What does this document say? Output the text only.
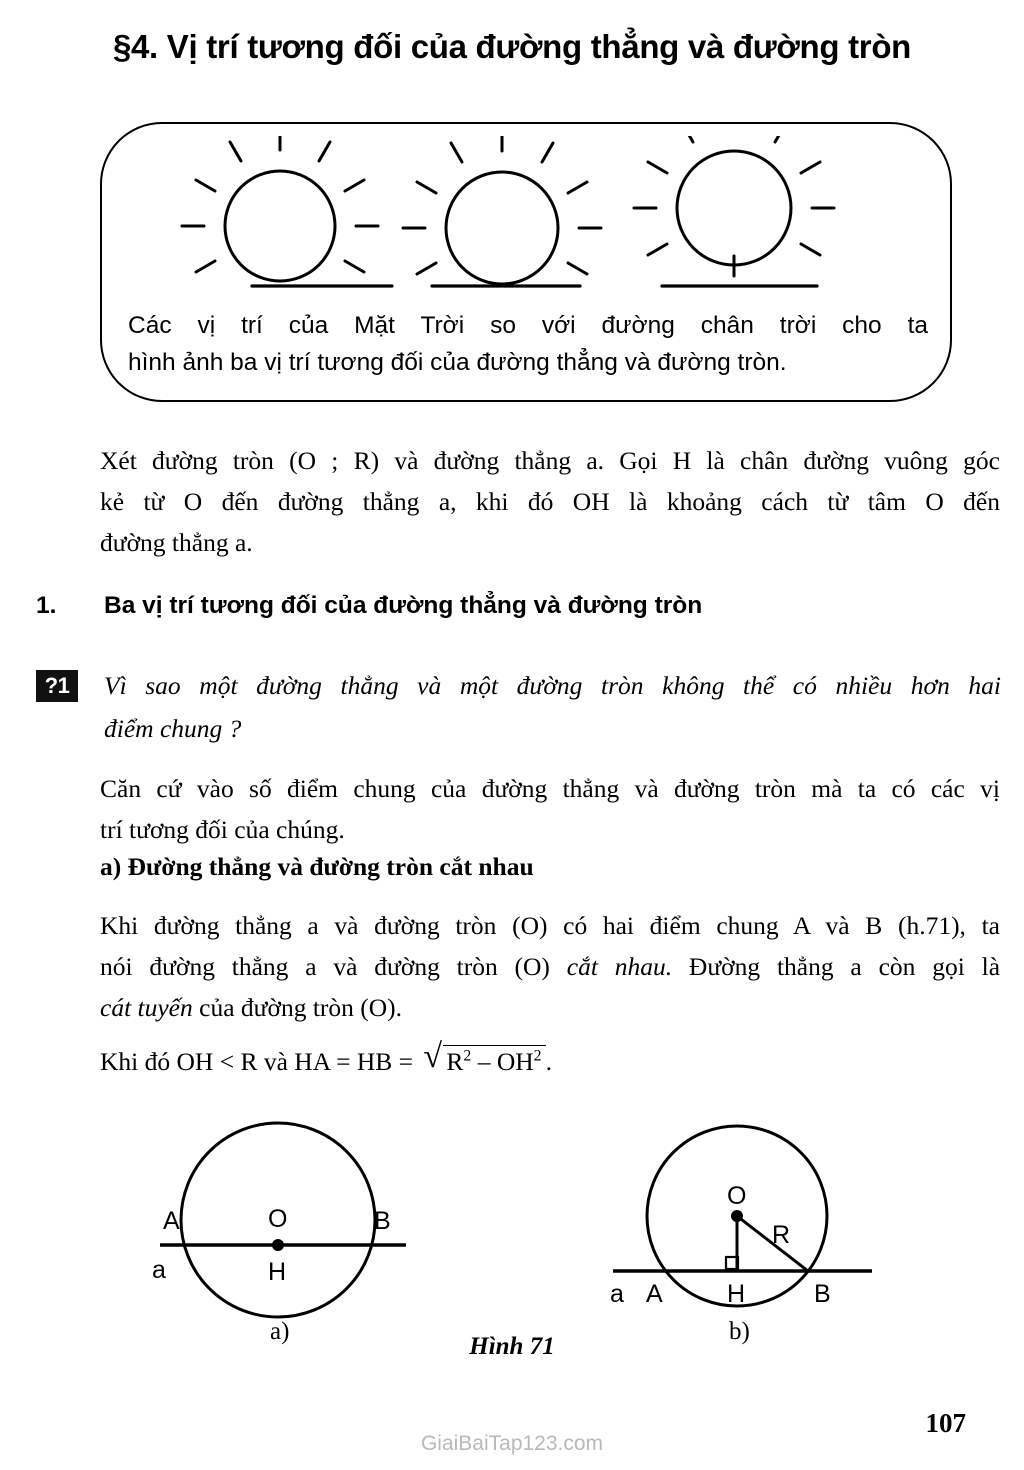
§4. Vị trí tương đối của đường thẳng và đường tròn
Các vị trí của Mặt Trời so với đường chân trời cho ta
hình ảnh ba vị trí tương đối của đường thẳng và đường tròn.
Xét đường tròn (O ; R) và đường thẳng a. Gọi H là chân đường vuông góc
kẻ từ O đến đường thẳng a, khi đó OH là khoảng cách từ tâm O đến
đường thẳng a.
1. Ba vị trí tương đối của đường thẳng và đường tròn
?1	Vì sao một đường thẳng và một đường tròn không thể có nhiều hơn hai
điểm chung ?
Căn cứ vào số điểm chung của đường thẳng và đường tròn mà ta có các vị
trí tương đối của chúng.
a) Đường thẳng và đường tròn cắt nhau
Khi đường thẳng a và đường tròn (O) có hai điểm chung A và B (h.71), ta
nói đường thẳng a và đường tròn (O) cắt nhau. Đường thẳng a còn gọi là
cát tuyến của đường tròn (O).
Khi đó OH < R và HA = HB = √ $R^2 - OH^2$ .
A	B
O
H
a
a)
O
R
a A	H	B
b)
Hình 71
107
GiaiBaiTap123.com
